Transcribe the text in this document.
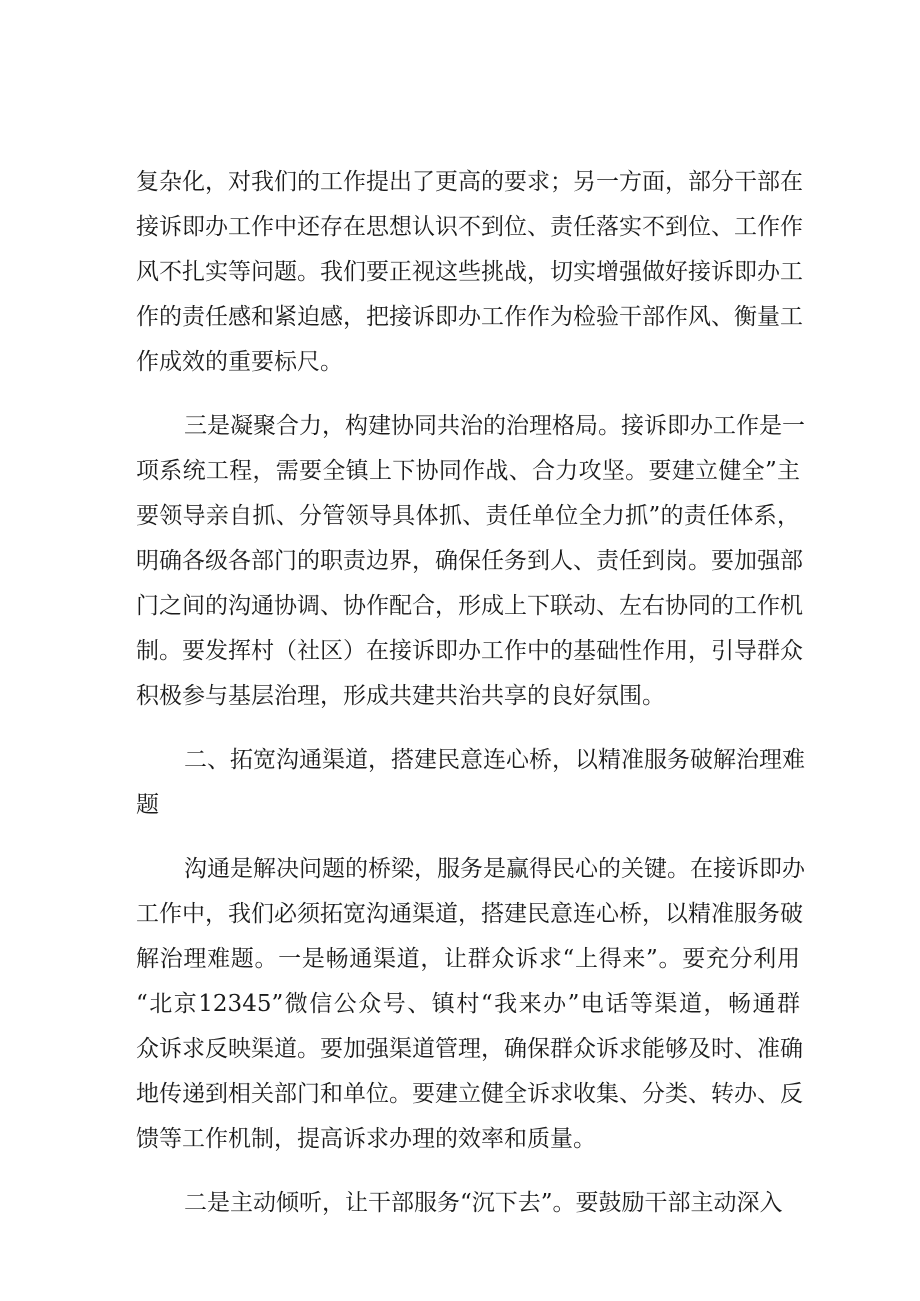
复杂化，对我们的工作提出了更高的要求；另一方面，部分干部在
接诉即办工作中还存在思想认识不到位、责任落实不到位、工作作
风不扎实等问题。我们要正视这些挑战，切实增强做好接诉即办工
作的责任感和紧迫感，把接诉即办工作作为检验干部作风、衡量工
作成效的重要标尺。
三是凝聚合力，构建协同共治的治理格局。接诉即办工作是一
项系统工程，需要全镇上下协同作战、合力攻坚。要建立健全”主
要领导亲自抓、分管领导具体抓、责任单位全力抓”的责任体系，
明确各级各部门的职责边界，确保任务到人、责任到岗。要加强部
门之间的沟通协调、协作配合，形成上下联动、左右协同的工作机
制。要发挥村（社区）在接诉即办工作中的基础性作用，引导群众
积极参与基层治理，形成共建共治共享的良好氛围。
二、拓宽沟通渠道，搭建民意连心桥，以精准服务破解治理难
题
沟通是解决问题的桥梁，服务是赢得民心的关键。在接诉即办
工作中，我们必须拓宽沟通渠道，搭建民意连心桥，以精准服务破
解治理难题。一是畅通渠道，让群众诉求“上得来”。要充分利用
“北京12345”微信公众号、镇村“我来办”电话等渠道，畅通群
众诉求反映渠道。要加强渠道管理，确保群众诉求能够及时、准确
地传递到相关部门和单位。要建立健全诉求收集、分类、转办、反
馈等工作机制，提高诉求办理的效率和质量。
二是主动倾听，让干部服务“沉下去”。要鼓励干部主动深入
